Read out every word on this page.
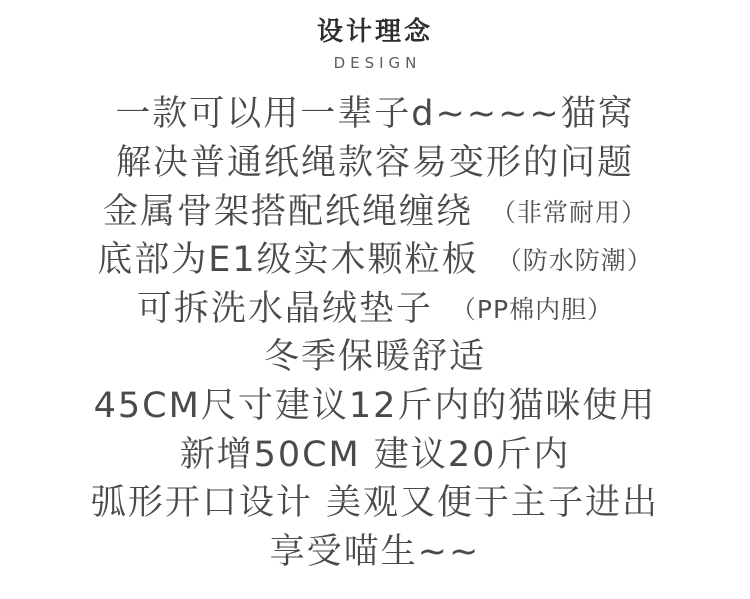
设计理念
DESIGN
一款可以用一辈子d~~~~猫窝
解决普通纸绳款容易变形的问题
金属骨架搭配纸绳缠绕 （非常耐用）
底部为E1级实木颗粒板 （防水防潮）
可拆洗水晶绒垫子 （PP棉内胆）
冬季保暖舒适
45CM尺寸建议12斤内的猫咪使用
新增50CM 建议20斤内
弧形开口设计 美观又便于主子进出
享受喵生~~
